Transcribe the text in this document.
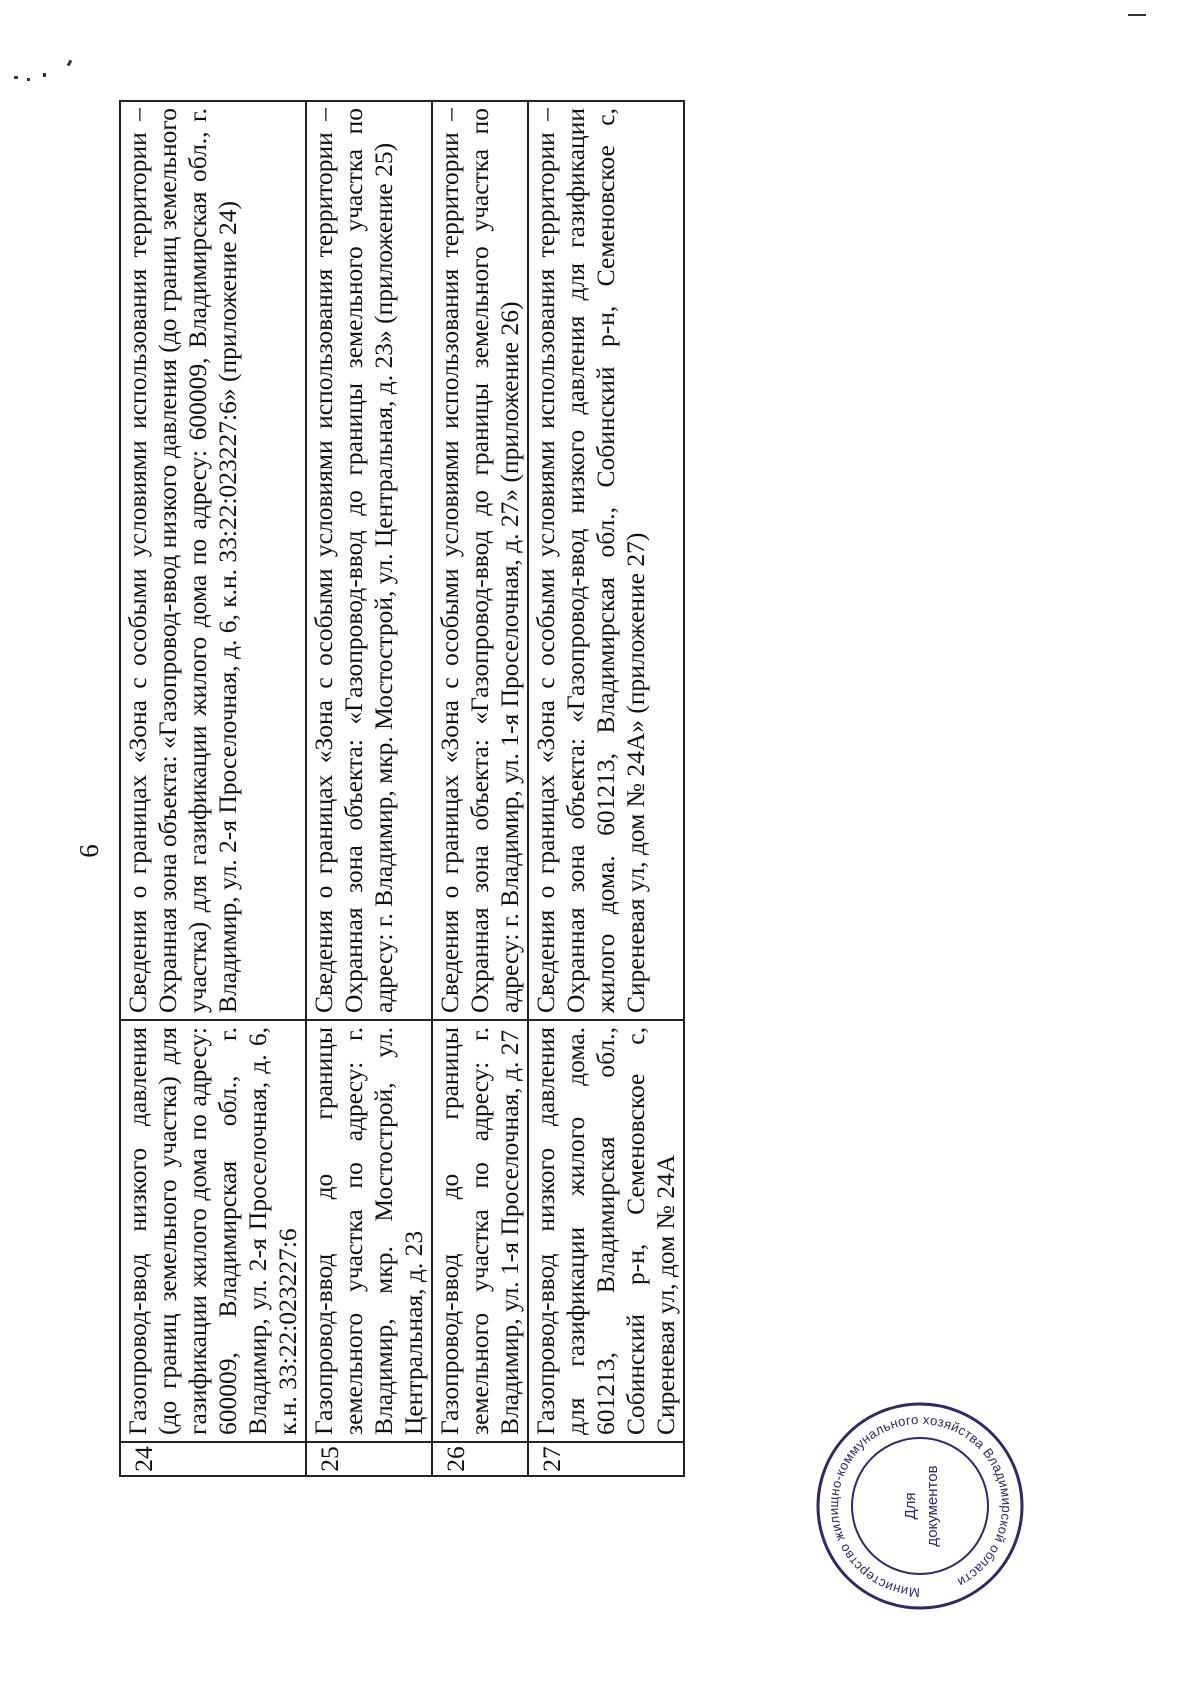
6
24	Газопровод-ввод низкого давления (до границ земельного участка) для газификации жилого дома по адресу: 600009, Владимирская обл., г. Владимир, ул. 2-я Проселочная, д. 6, к.н. 33:22:023227:6	Сведения о границах «Зона с особыми условиями использования территории – Охранная зона объекта: «Газопровод-ввод низкого давления (до границ земельного участка) для газификации жилого дома по адресу: 600009, Владимирская обл., г. Владимир, ул. 2-я Проселочная, д. 6, к.н. 33:22:023227:6» (приложение 24)
25	Газопровод-ввод до границы земельного участка по адресу: г. Владимир, мкр. Мостострой, ул. Центральная, д. 23	Сведения о границах «Зона с особыми условиями использования территории – Охранная зона объекта: «Газопровод-ввод до границы земельного участка по адресу: г. Владимир, мкр. Мостострой, ул. Центральная, д. 23» (приложение 25)
26	Газопровод-ввод до границы земельного участка по адресу: г. Владимир, ул. 1-я Проселочная, д. 27	Сведения о границах «Зона с особыми условиями использования территории – Охранная зона объекта: «Газопровод-ввод до границы земельного участка по адресу: г. Владимир, ул. 1-я Проселочная, д. 27» (приложение 26)
27	Газопровод-ввод низкого давления для газификации жилого дома. 601213, Владимирская обл., Собинский р-н, Семеновское с, Сиреневая ул, дом № 24А	Сведения о границах «Зона с особыми условиями использования территории – Охранная зона объекта: «Газопровод-ввод низкого давления для газификации жилого дома. 601213, Владимирская обл., Собинский р-н, Семеновское с, Сиреневая ул, дом № 24А» (приложение 27)
Министерство жилищно-коммунального хозяйства Владимирской области
Для документов
